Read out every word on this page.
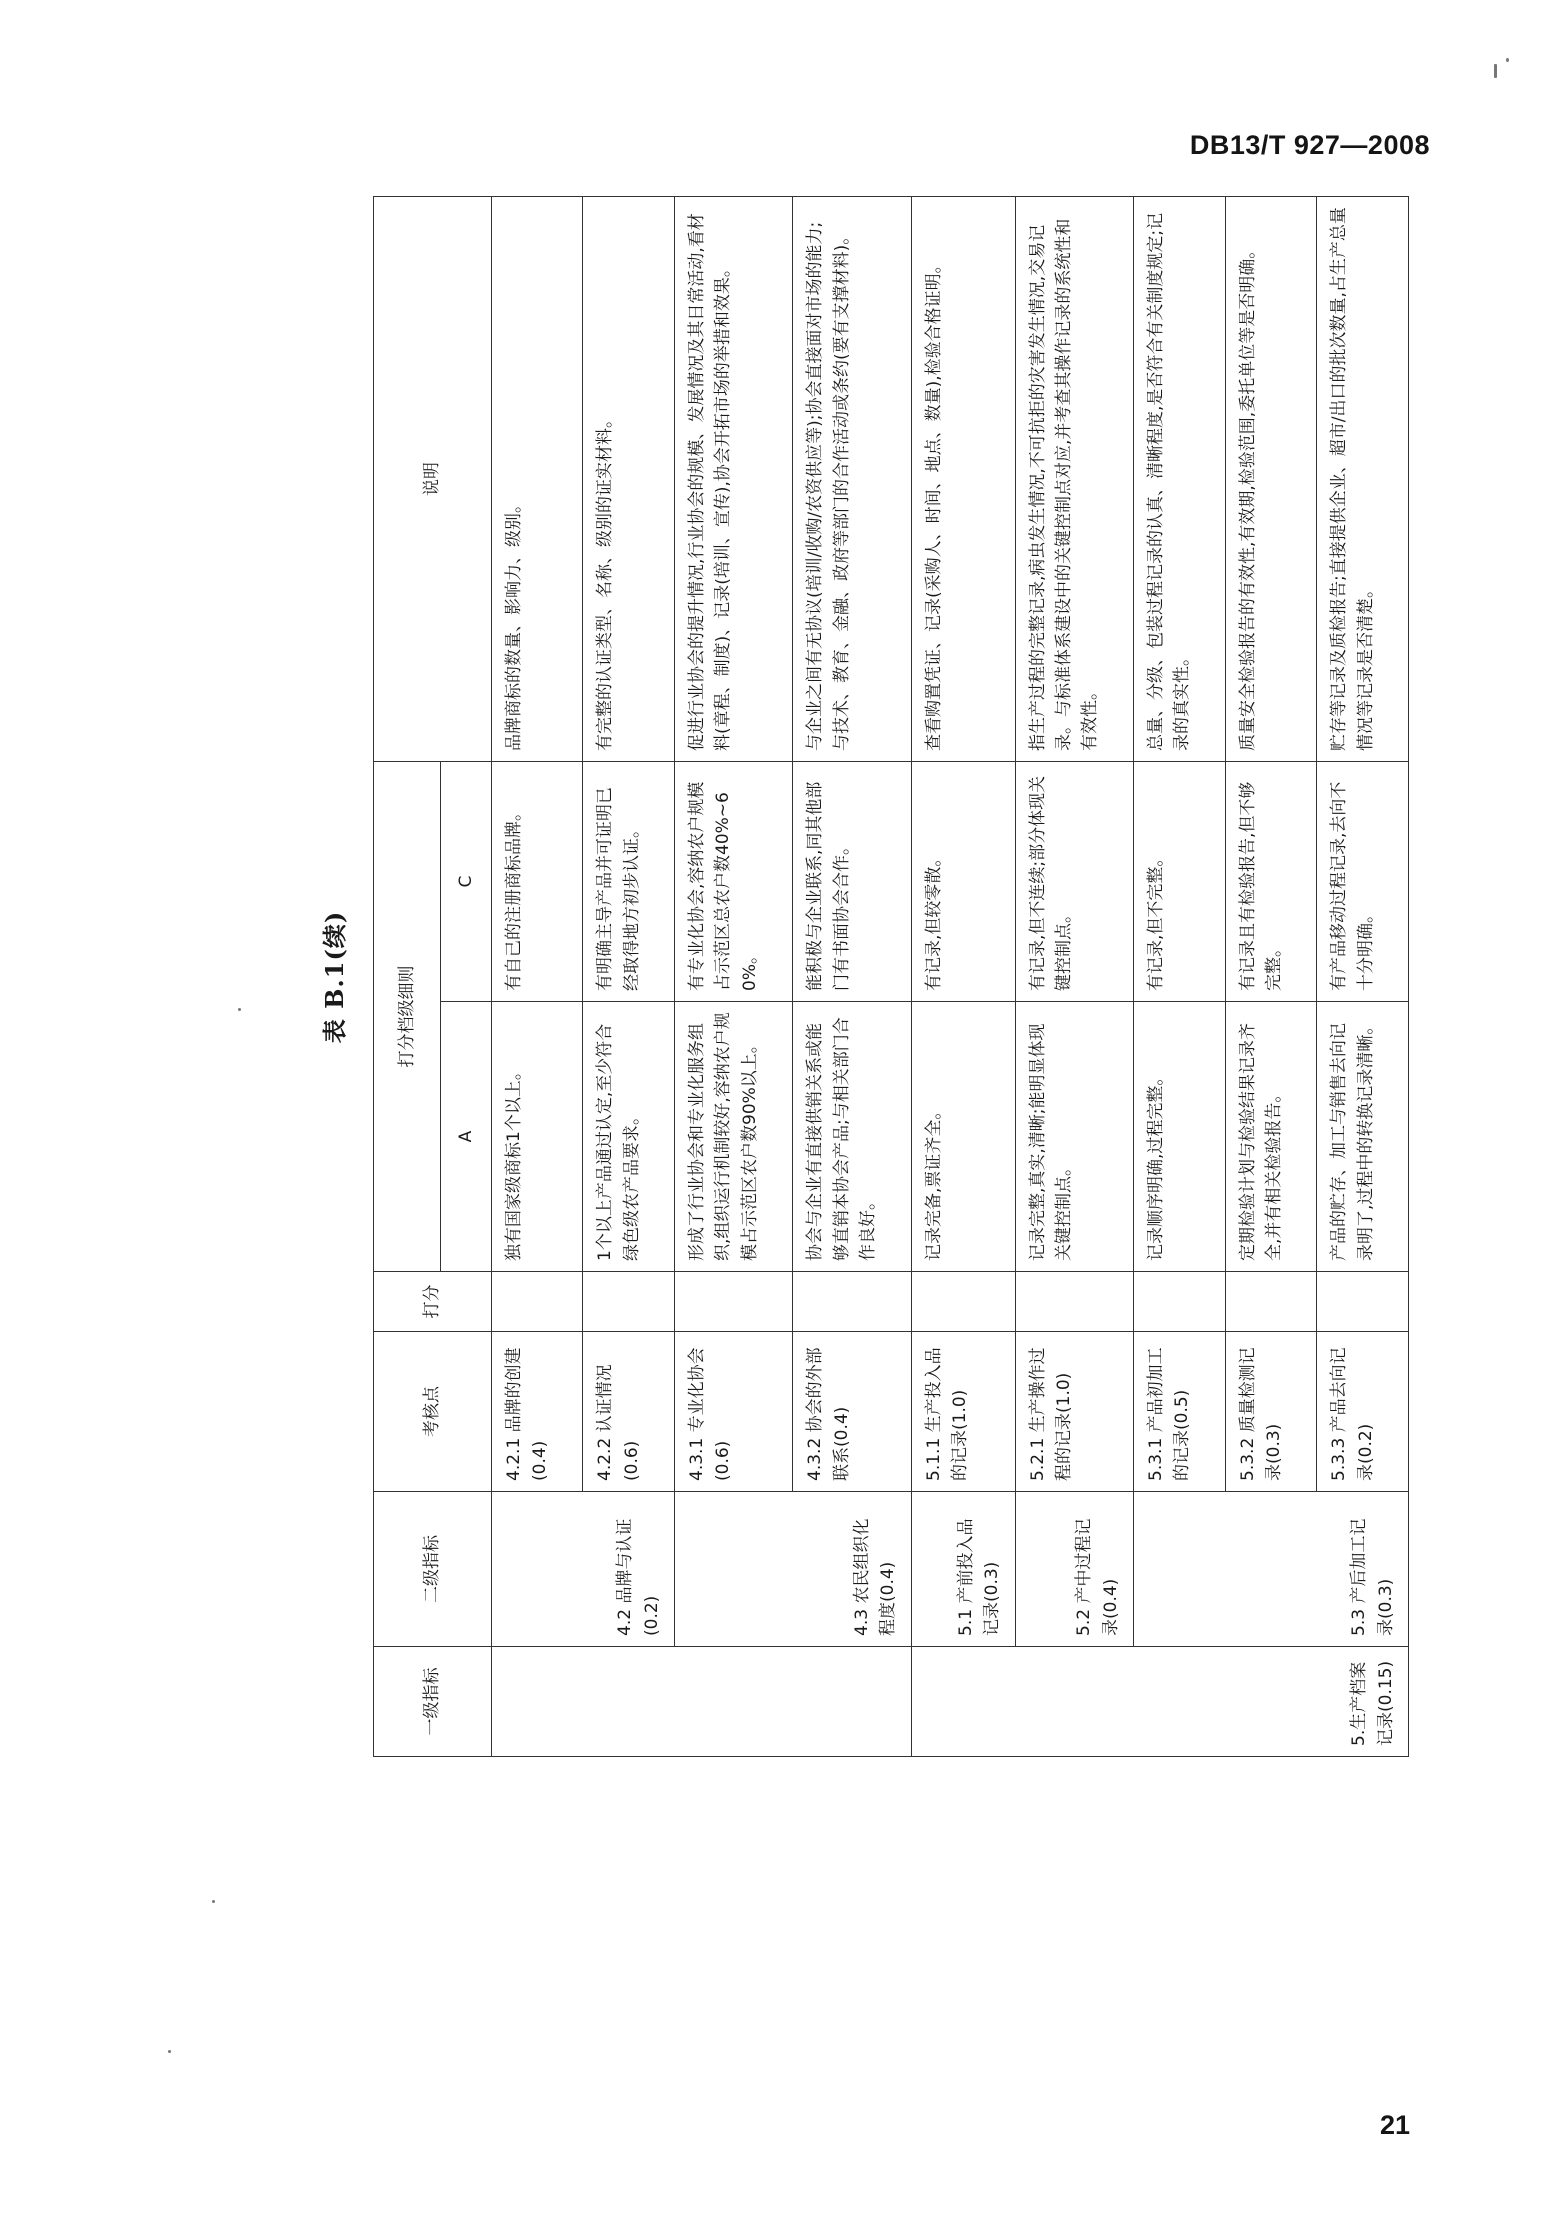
DB13/T 927—2008
表 B.1(续)
一级指标	二级指标	考核点	打分	打分档级细则		说明
				A	C	
	4.2 品牌与认证(0.2)	4.2.1 品牌的创建(0.4)		独有国家级商标1个以上。	有自己的注册商标品牌。	品牌商标的数量、影响力、级别。
		4.2.2 认证情况(0.6)		1个以上产品通过认定,至少符合绿色级农产品要求。	有明确主导产品并可证明已经取得地方初步认证。	有完整的认证类型、名称、级别的证实材料。
	4.3 农民组织化程度(0.4)	4.3.1 专业化协会(0.6)		形成了行业协会和专业化服务组织,组织运行机制较好,容纳农户规模占示范区农户数90%以上。	有专业化协会,容纳农户规模占示范区总农户数40%~60%。	促进行业协会的提升情况,行业协会的规模、发展情况及其日常活动,看材料(章程、制度)、记录(培训、宣传),协会开拓市场的举措和效果。
		4.3.2 协会的外部联系(0.4)		协会与企业有直接供销关系或能够直销本协会产品;与相关部门合作良好。	能积极与企业联系,同其他部门有书面协会合作。	与企业之间有无协议(培训/收购/农资供应等);协会直接面对市场的能力;与技术、教育、金融、政府等部门的合作活动或条约(要有支撑材料)。
5.生产档案记录(0.15)	5.1 产前投入品记录(0.3)	5.1.1 生产投入品的记录(1.0)		记录完备,票证齐全。	有记录,但较零散。	查看购置凭证、记录(采购人、时间、地点、数量),检验合格证明。
	5.2 产中过程记录(0.4)	5.2.1 生产操作过程的记录(1.0)		记录完整,真实,清晰;能明显体现关键控制点。	有记录,但不连续;部分体现关键控制点。	指生产过程的完整记录,病虫发生情况,不可抗拒的灾害发生情况,交易记录。与标准体系建设中的关键控制点对应,并考查其操作记录的系统性和有效性。
	5.3 产后加工记录(0.3)	5.3.1 产品初加工的记录(0.5)		记录顺序明确,过程完整。	有记录,但不完整。	总量、分级、包装过程记录的认真、清晰程度,是否符合有关制度规定;记录的真实性。
		5.3.2 质量检测记录(0.3)		定期检验计划与检验结果记录齐全,并有相关检验报告。	有记录且有检验报告,但不够完整。	质量安全检验报告的有效性,有效期,检验范围,委托单位等是否明确。
		5.3.3 产品去向记录(0.2)		产品的贮存、加工与销售去向记录明了,过程中的转换记录清晰。	有产品移动过程记录,去向不十分明确。	贮存等记录及质检报告;直接提供企业、超市/出口的批次数量,占生产总量情况等记录是否清楚。
21
